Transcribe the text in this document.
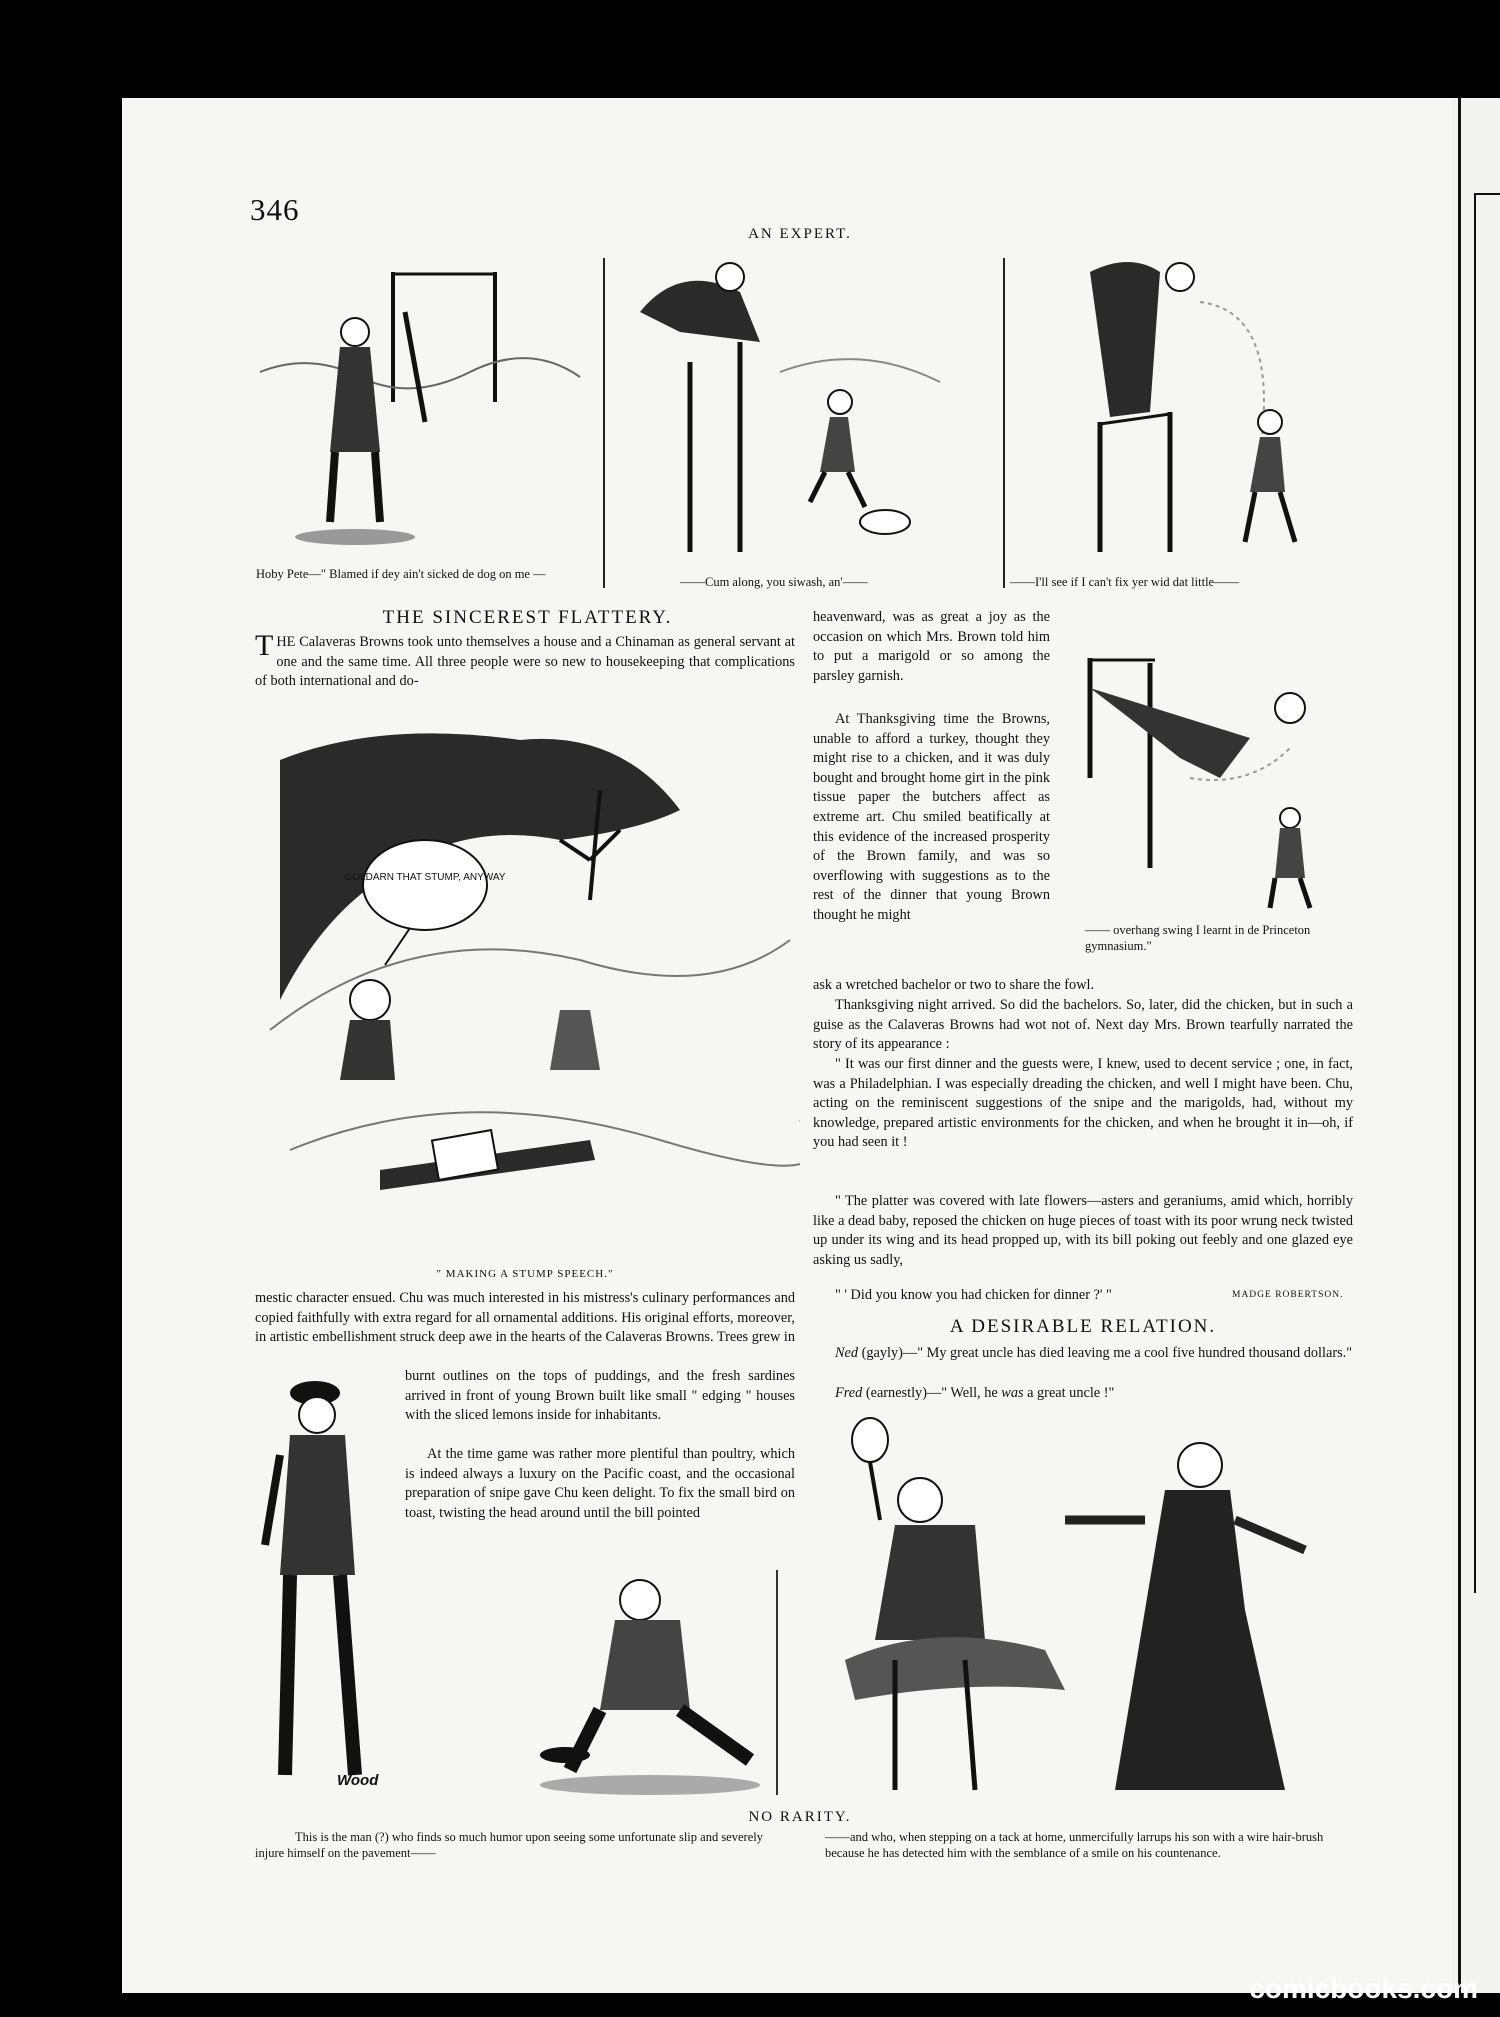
346
AN EXPERT.
Hoby Pete—" Blamed if dey ain't sicked de dog on me —
——Cum along, you siwash, an'——	——I'll see if I can't fix yer wid dat little——
THE SINCEREST FLATTERY.
THE Calaveras Browns took unto themselves a house and a Chinaman as general servant at one and the same time. All three people were so new to housekeeping that complications of both international and do-
GOLDARN THAT STUMP, ANYWAY
" MAKING A STUMP SPEECH."
mestic character ensued. Chu was much interested in his mistress's culinary performances and copied faithfully with extra regard for all ornamental additions. His original efforts, moreover, in artistic embellishment struck deep awe in the hearts of the Calaveras Browns. Trees grew in
burnt outlines on the tops of puddings, and the fresh sardines arrived in front of young Brown built like small " edging " houses with the sliced lemons inside for inhabitants.
At the time game was rather more plentiful than poultry, which is indeed always a luxury on the Pacific coast, and the occasional preparation of snipe gave Chu keen delight. To fix the small bird on toast, twisting the head around until the bill pointed
Wood
—— overhang swing I learnt in de Princeton gymnasium."
heavenward, was as great a joy as the occasion on which Mrs. Brown told him to put a marigold or so among the parsley garnish.
At Thanksgiving time the Browns, unable to afford a turkey, thought they might rise to a chicken, and it was duly bought and brought home girt in the pink tissue paper the butchers affect as extreme art. Chu smiled beatifically at this evidence of the increased prosperity of the Brown family, and was so overflowing with suggestions as to the rest of the dinner that young Brown thought he might
ask a wretched bachelor or two to share the fowl.
Thanksgiving night arrived. So did the bachelors. So, later, did the chicken, but in such a guise as the Calaveras Browns had wot not of. Next day Mrs. Brown tearfully narrated the story of its appearance :
" It was our first dinner and the guests were, I knew, used to decent service ; one, in fact, was a Philadelphian. I was especially dreading the chicken, and well I might have been. Chu, acting on the reminiscent suggestions of the snipe and the marigolds, had, without my knowledge, prepared artistic environments for the chicken, and when he brought it in—oh, if you had seen it !
" The platter was covered with late flowers—asters and geraniums, amid which, horribly like a dead baby, reposed the chicken on huge pieces of toast with its poor wrung neck twisted up under its wing and its head propped up, with its bill poking out feebly and one glazed eye asking us sadly,
" ' Did you know you had chicken for dinner ?' "	MADGE ROBERTSON.
A DESIRABLE RELATION.
Ned (gayly)—" My great uncle has died leaving me a cool five hundred thousand dollars."
Fred (earnestly)—" Well, he was a great uncle !"
NO RARITY.
This is the man (?) who finds so much humor upon seeing some unfortunate slip and severely injure himself on the pavement——
——and who, when stepping on a tack at home, unmercifully larrups his son with a wire hair-brush because he has detected him with the semblance of a smile on his countenance.
comicbooks.com
